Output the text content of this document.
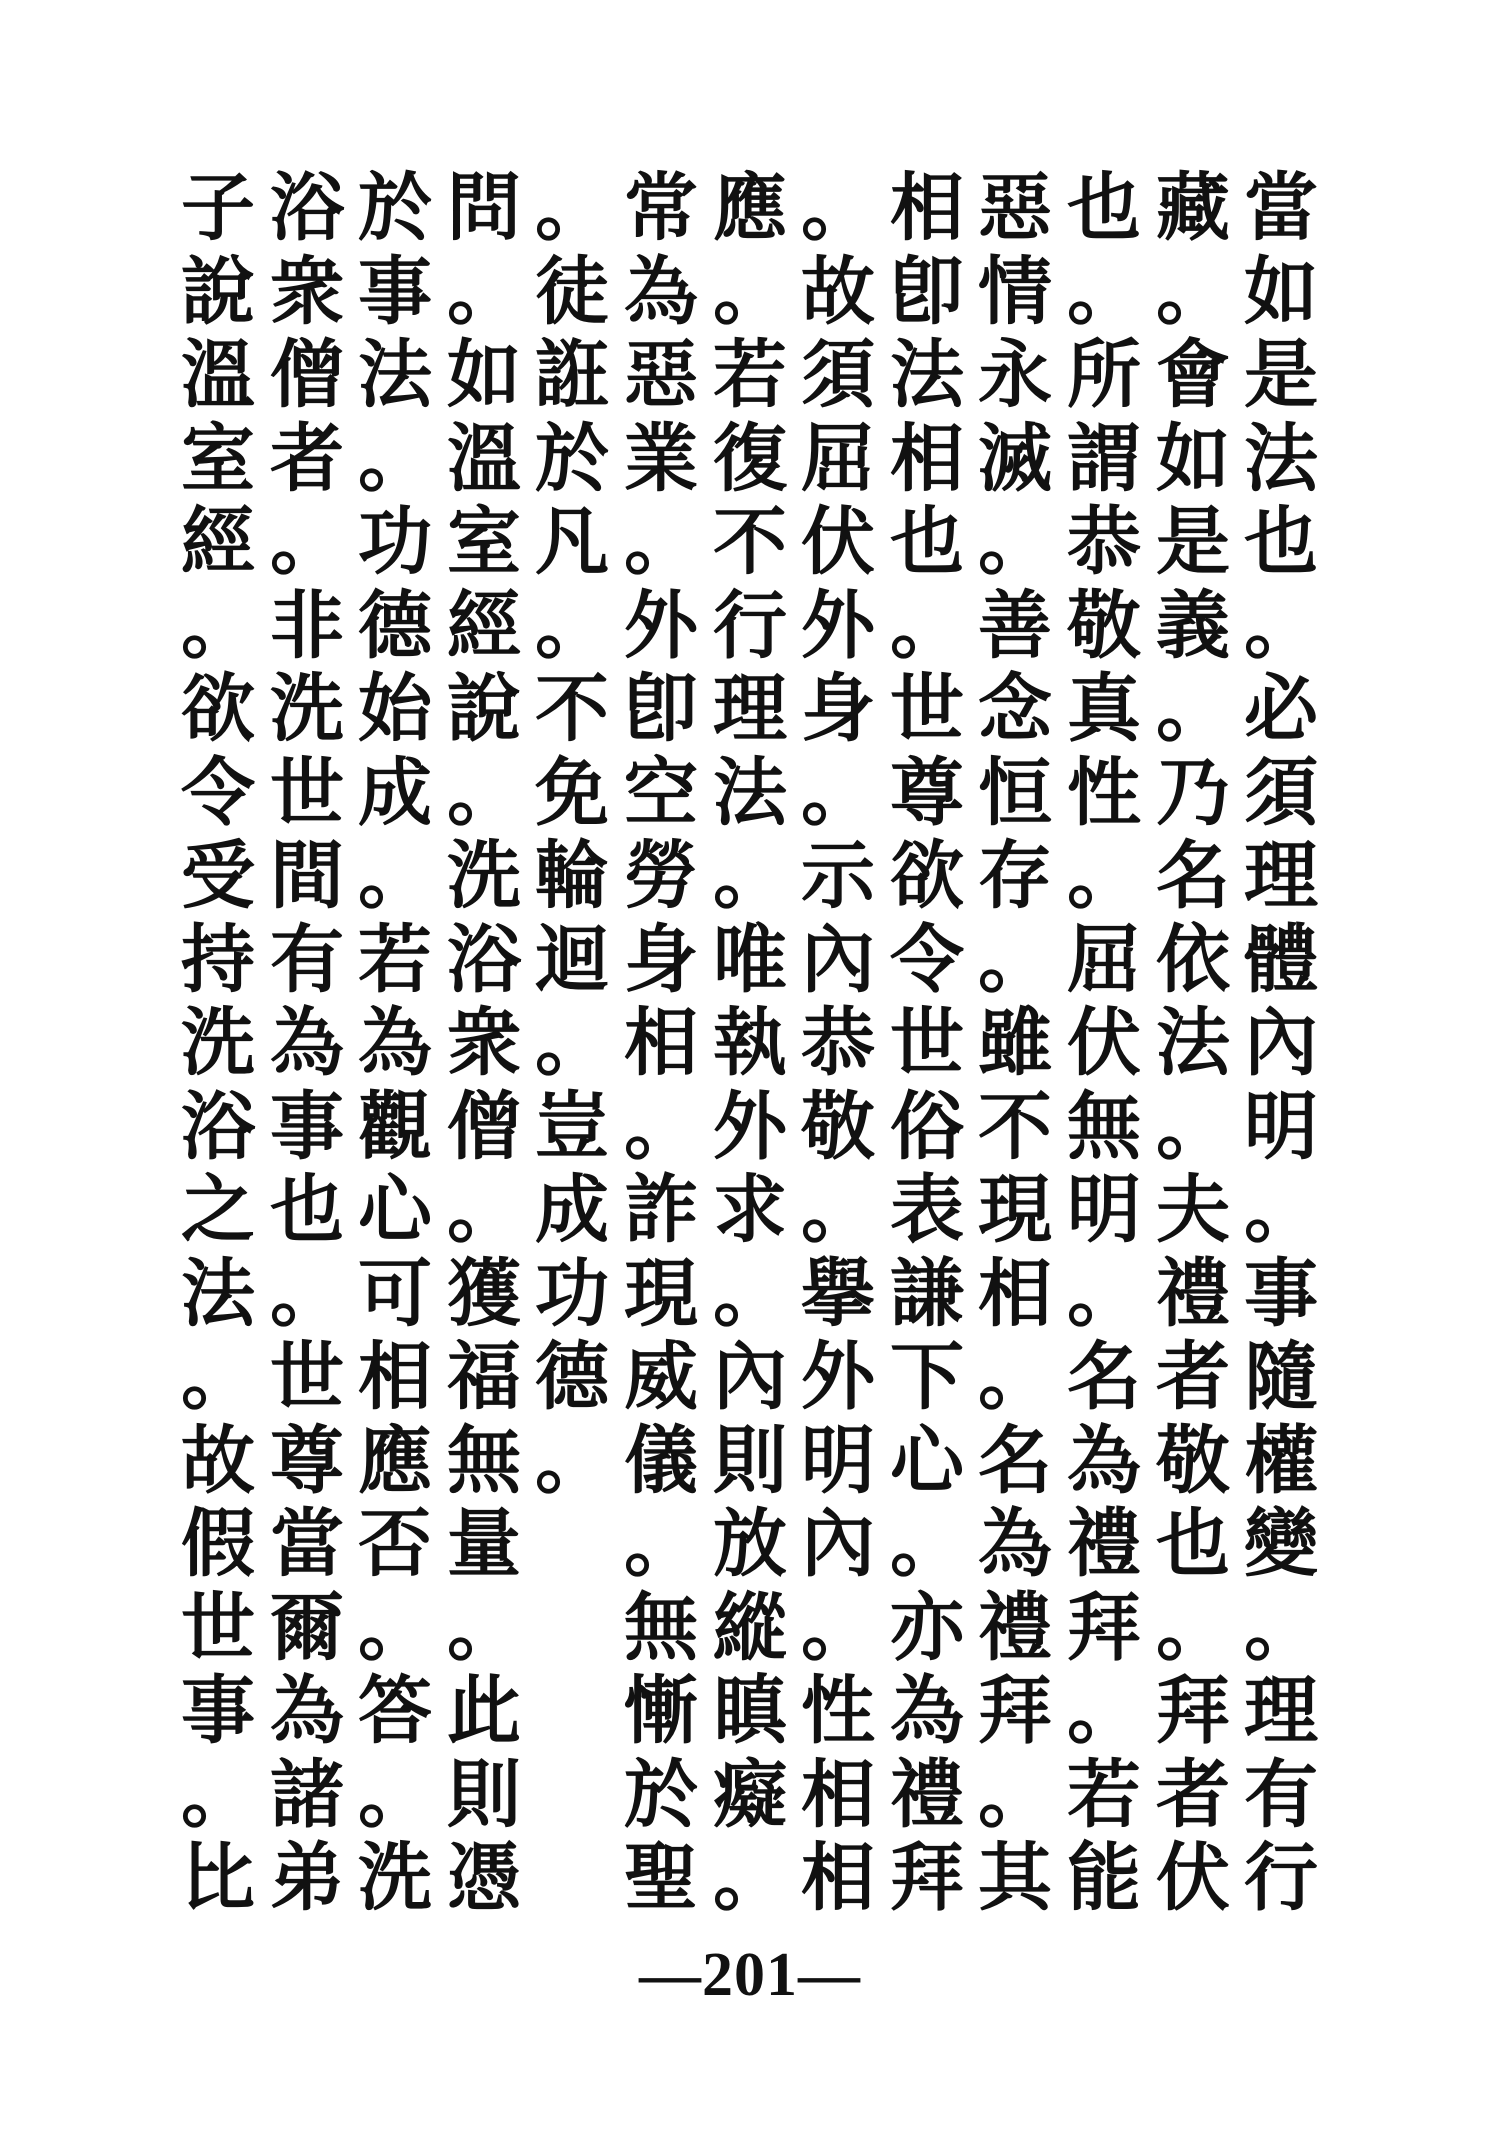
子 浴 於 問 。 常 應 。 相 惡 也 藏 當
說 衆 事 。 徒 為 。 故 卽 情 。 。 如
溫 僧 法 如 誑 惡 若 須 法 永 所 會 是
室 者 。 溫 於 業 復 屈 相 滅 謂 如 法
經 。 功 室 凡 。 不 伏 也 。 恭 是 也
。 非 德 經 。 外 行 外 。 善 敬 義 。
欲 洗 始 說 不 卽 理 身 世 念 真 。 必
令 世 成 。 免 空 法 。 尊 恒 性 乃 須
受 間 。 洗 輪 勞 。 示 欲 存 。 名 理
持 有 若 浴 迴 身 唯 內 令 。 屈 依 體
洗 為 為 衆 。 相 執 恭 世 雖 伏 法 內
浴 事 觀 僧 豈 。 外 敬 俗 不 無 。 明
之 也 心 。 成 詐 求 。 表 現 明 夫 。
法 。 可 獲 功 現 。 擧 謙 相 。 禮 事
。 世 相 福 德 威 內 外 下 。 名 者 隨
故 尊 應 無 。 儀 則 明 心 名 為 敬 權
假 當 否 量 。 放 內 。 為 禮 也 變
世 爾 。 。 無 縱 。 亦 禮 拜 。 。
事 為 答 此 慚 瞋 性 為 拜 。 拜 理
。 諸 。 則 於 癡 相 禮 。 若 者 有
比 弟 洗 憑 聖 。 相 拜 其 能 伏 行
—201—
